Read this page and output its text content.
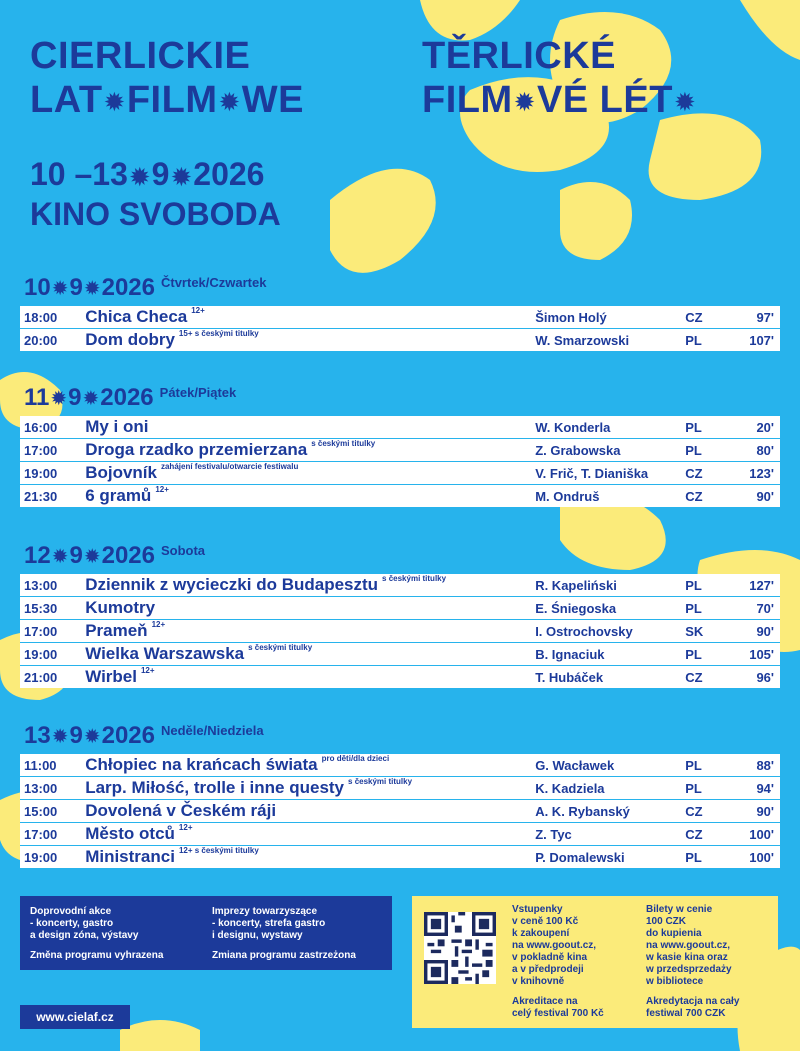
CIERLICKIE
LAT✹FILM✹WE
TĚRLICKÉ
FILM✹VÉ LÉT✹
10 –13✹9✹2026
KINO SVOBODA
10✹9✹2026 Čtvrtek/Czwartek
18:00	Chica Checa $^{12+}$	Šimon Holý	CZ	97'
20:00	Dom dobry $^{15+ s českými titulky}$	W. Smarzowski	PL	107'
11✹9✹2026 Pátek/Piątek
16:00	My i oni	W. Konderla	PL	20'
17:00	Droga rzadko przemierzana $^{s českými titulky}$	Z. Grabowska	PL	80'
19:00	Bojovník $^{zahájení festivalu/otwarcie festiwalu}$	V. Frič, T. Dianiška	CZ	123'
21:30	6 gramů $^{12+}$	M. Ondruš	CZ	90'
12✹9✹2026 Sobota
13:00	Dziennik z wycieczki do Budapesztu $^{s českými titulky}$	R. Kapeliński	PL	127'
15:30	Kumotry	E. Śniegoska	PL	70'
17:00	Prameň $^{12+}$	I. Ostrochovsky	SK	90'
19:00	Wielka Warszawska $^{s českými titulky}$	B. Ignaciuk	PL	105'
21:00	Wirbel $^{12+}$	T. Hubáček	CZ	96'
13✹9✹2026 Neděle/Niedziela
11:00	Chłopiec na krańcach świata $^{pro děti/dla dzieci}$	G. Wacławek	PL	88'
13:00	Larp. Miłość, trolle i inne questy $^{s českými titulky}$	K. Kadziela	PL	94'
15:00	Dovolená v Českém ráji	A. K. Rybanský	CZ	90'
17:00	Město otců $^{12+}$	Z. Tyc	CZ	100'
19:00	Ministranci $^{12+ s českými titulky}$	P. Domalewski	PL	100'
Doprovodní akce
- koncerty, gastro
a design zóna, výstavy
Změna programu vyhrazena
Imprezy towarzyszące
- koncerty, strefa gastro
i designu, wystawy
Zmiana programu zastrzeżona
www.cielaf.cz
Vstupenky
v ceně 100 Kč
k zakoupení
na www.goout.cz,
v pokladně kina
a v předprodeji
v knihovně
Bilety w cenie
100 CZK
do kupienia
na www.goout.cz,
w kasie kina oraz
w przedsprzedaży
w bibliotece
Akreditace na
celý festival 700 Kč
Akredytacja na cały
festiwal 700 CZK
